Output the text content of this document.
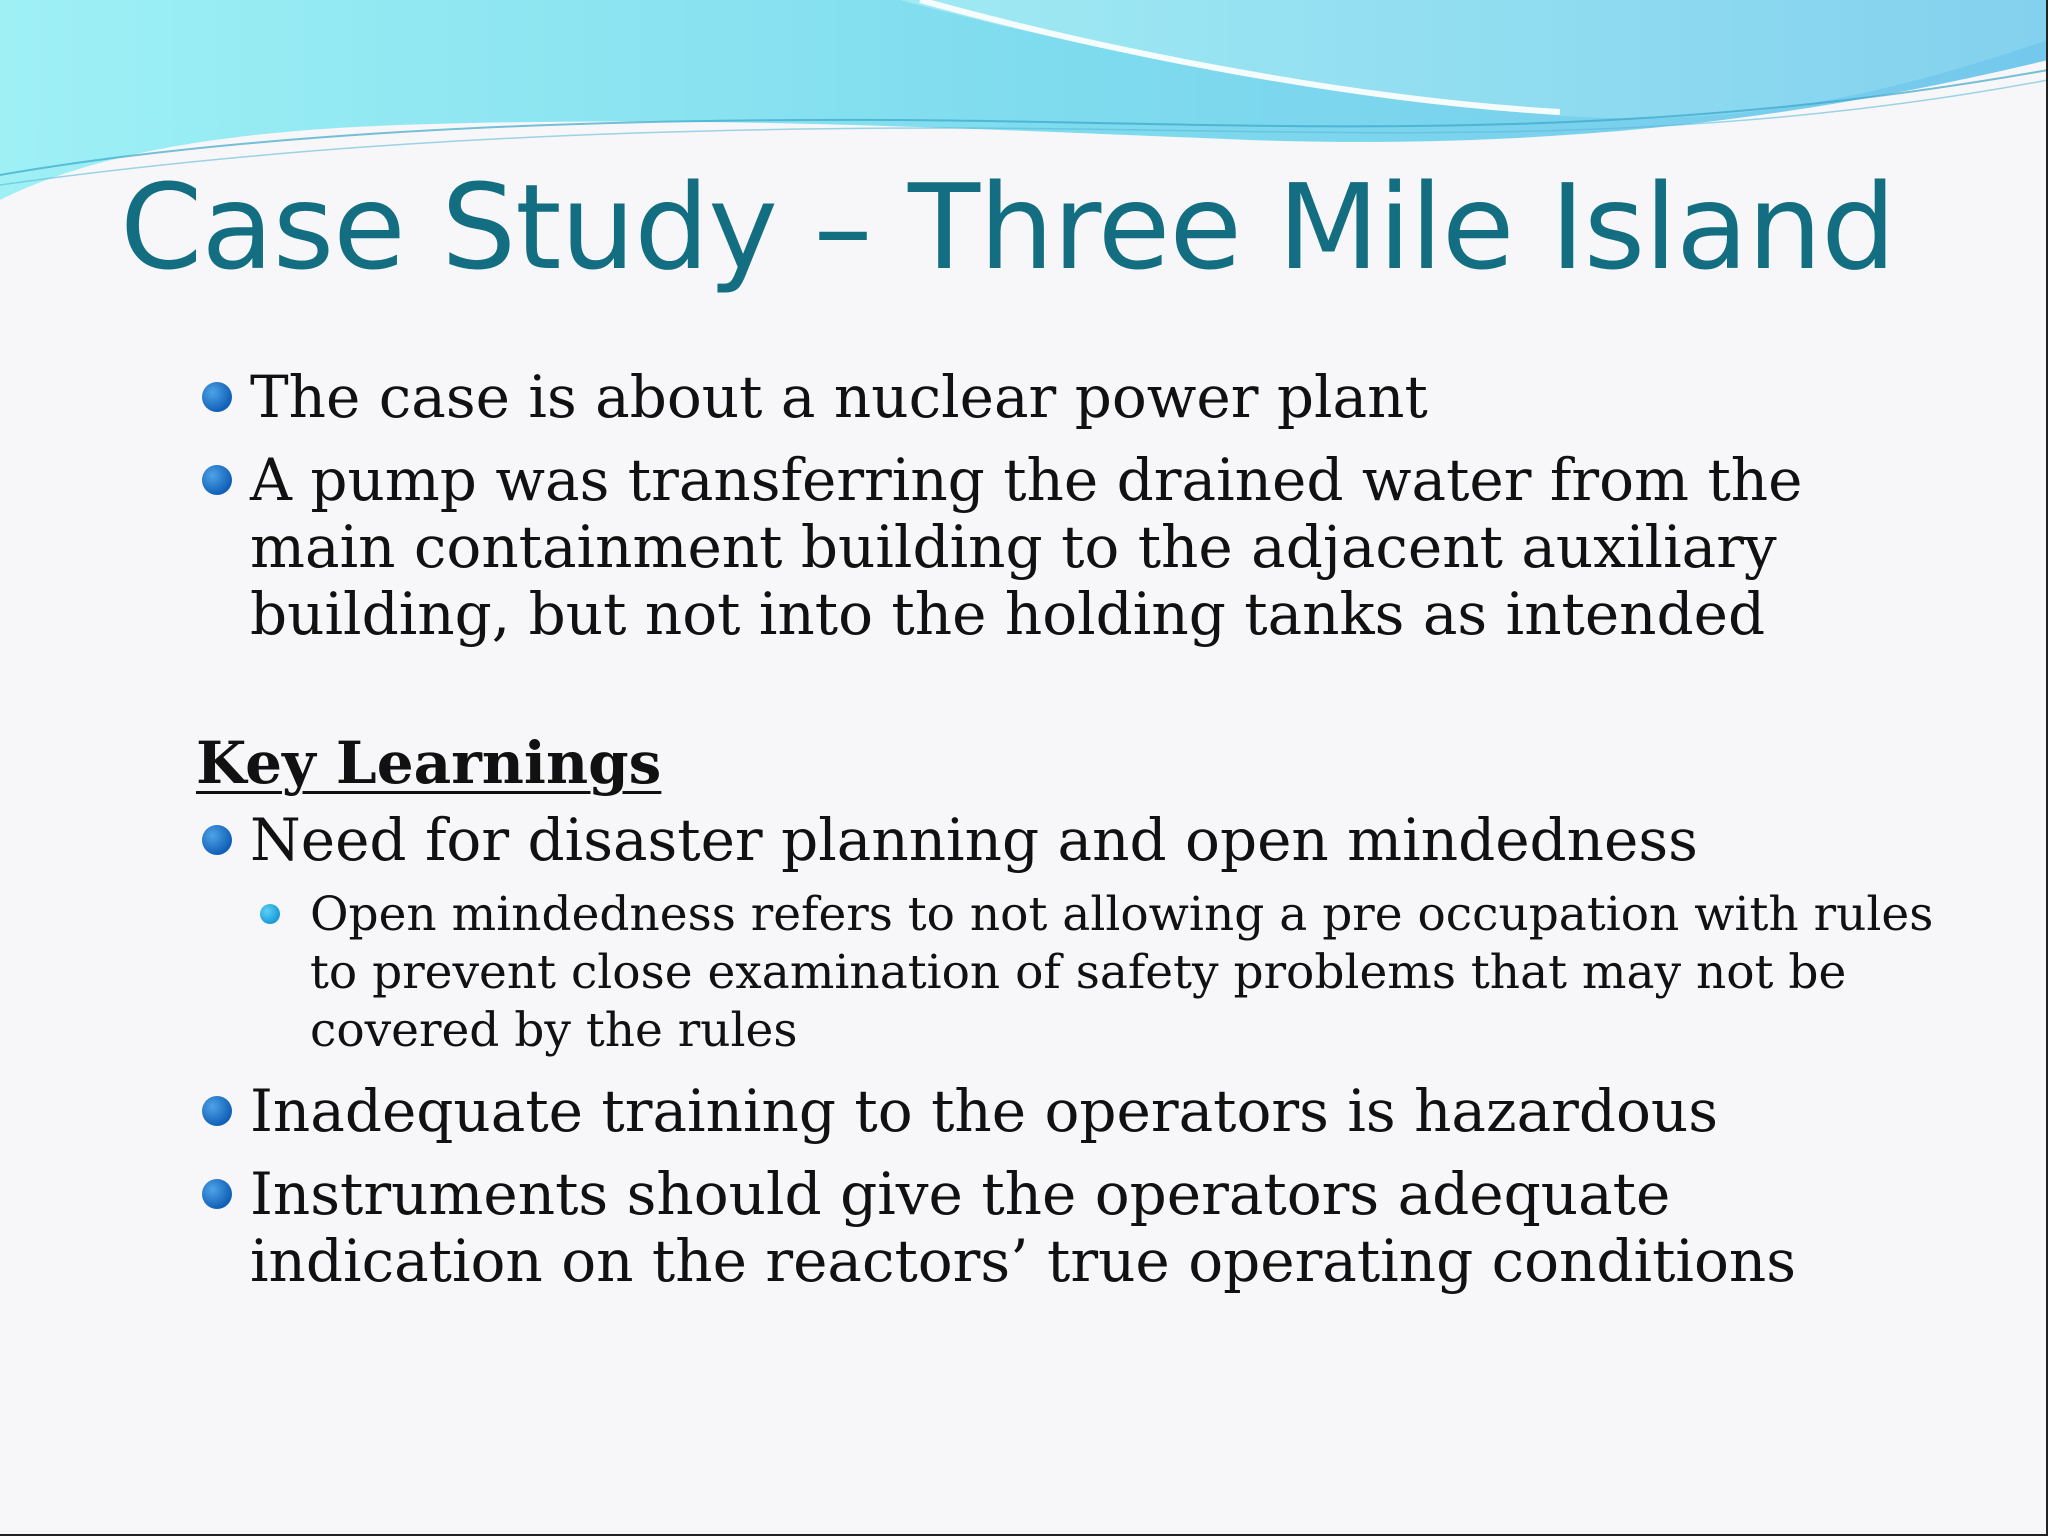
Case Study – Three Mile Island
The case is about a nuclear power plant
A pump was transferring the drained water from the main containment building to the adjacent auxiliary building, but not into the holding tanks as intended
Key Learnings
Need for disaster planning and open mindedness
Open mindedness refers to not allowing a pre occupation with rules to prevent close examination of safety problems that may not be covered by the rules
Inadequate training to the operators is hazardous
Instruments should give the operators adequate indication on the reactors’ true operating conditions
